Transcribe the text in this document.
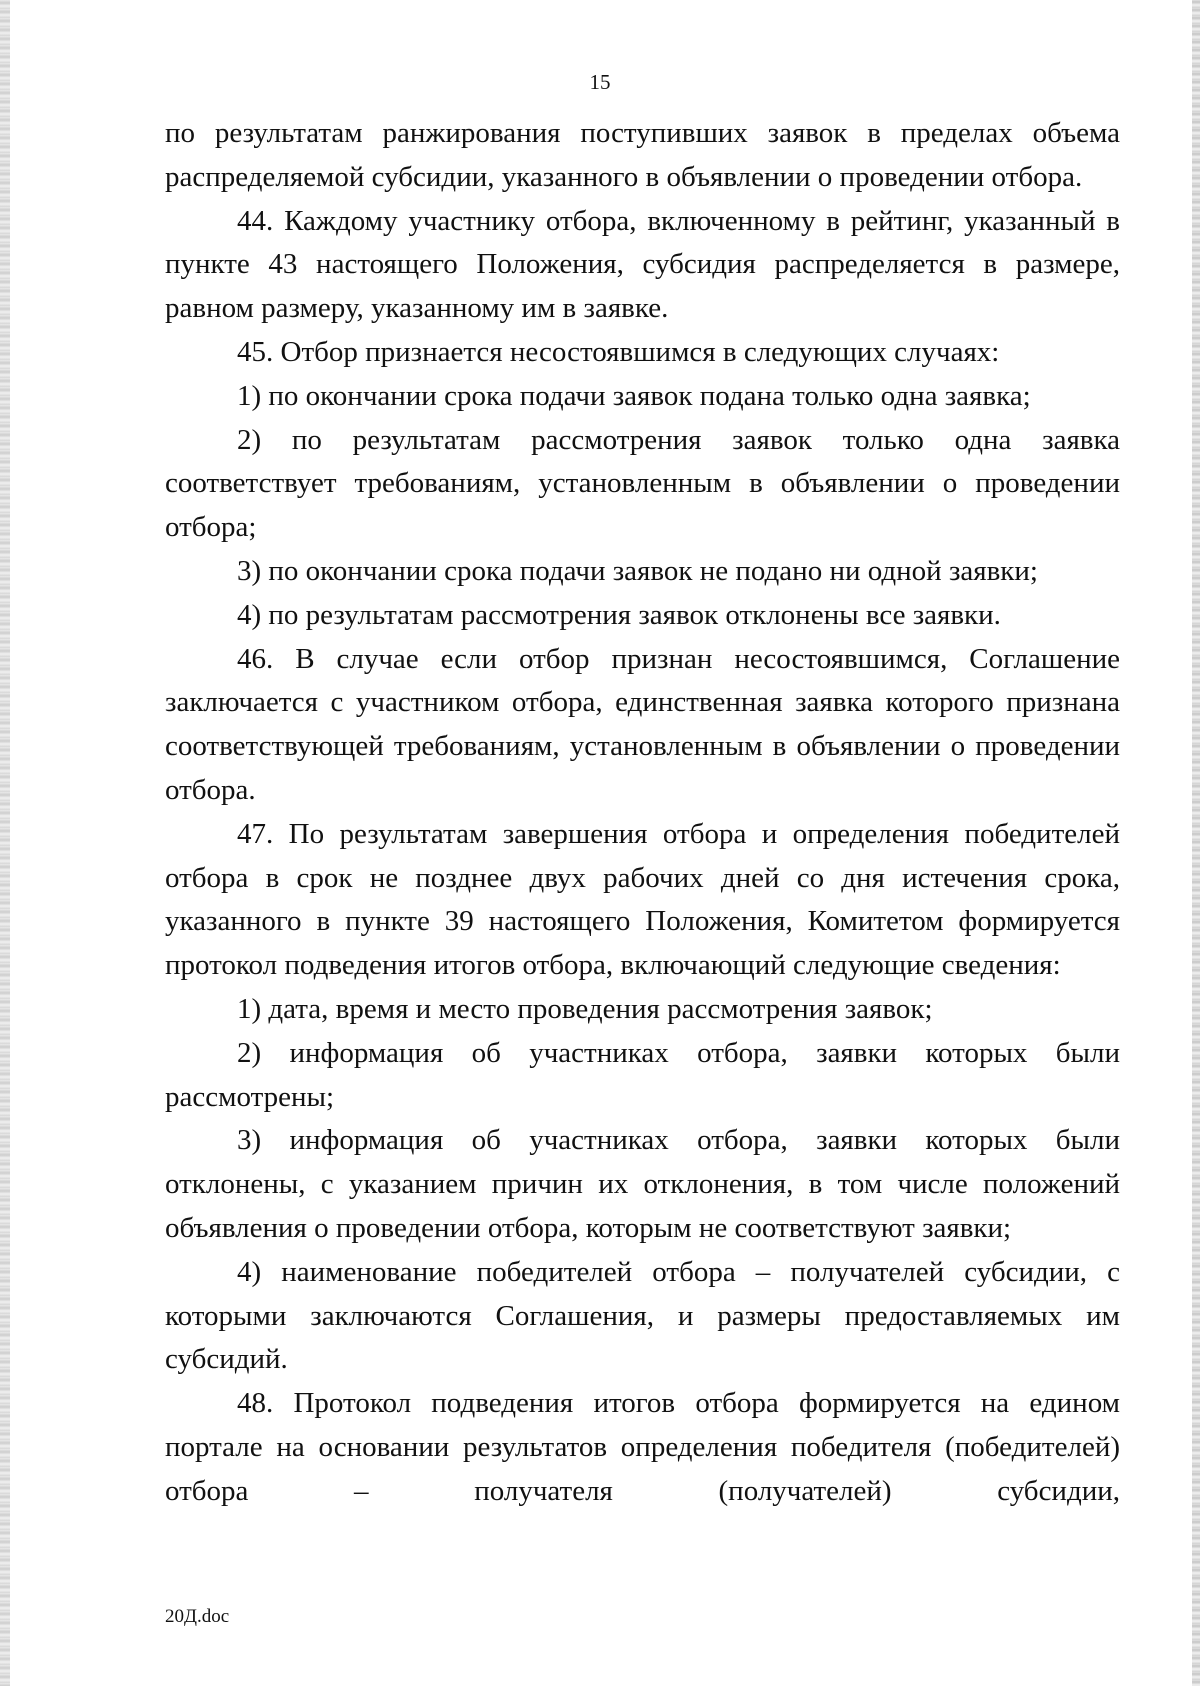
15

по результатам ранжирования поступивших заявок в пределах объема распределяемой субсидии, указанного в объявлении о проведении отбора.

44. Каждому участнику отбора, включенному в рейтинг, указанный в пункте 43 настоящего Положения, субсидия распределяется в размере, равном размеру, указанному им в заявке.

45. Отбор признается несостоявшимся в следующих случаях:

1) по окончании срока подачи заявок подана только одна заявка;

2) по результатам рассмотрения заявок только одна заявка соответствует требованиям, установленным в объявлении о проведении отбора;

3) по окончании срока подачи заявок не подано ни одной заявки;

4) по результатам рассмотрения заявок отклонены все заявки.

46. В случае если отбор признан несостоявшимся, Соглашение заключается с участником отбора, единственная заявка которого признана соответствующей требованиям, установленным в объявлении о проведении отбора.

47. По результатам завершения отбора и определения победителей отбора в срок не позднее двух рабочих дней со дня истечения срока, указанного в пункте 39 настоящего Положения, Комитетом формируется протокол подведения итогов отбора, включающий следующие сведения:

1) дата, время и место проведения рассмотрения заявок;

2) информация об участниках отбора, заявки которых были рассмотрены;

3) информация об участниках отбора, заявки которых были отклонены, с указанием причин их отклонения, в том числе положений объявления о проведении отбора, которым не соответствуют заявки;

4) наименование победителей отбора – получателей субсидии, с которыми заключаются Соглашения, и размеры предоставляемых им субсидий.

48. Протокол подведения итогов отбора формируется на едином портале на основании результатов определения победителя (победителей) отбора – получателя (получателей) субсидии,

20Д.doc
